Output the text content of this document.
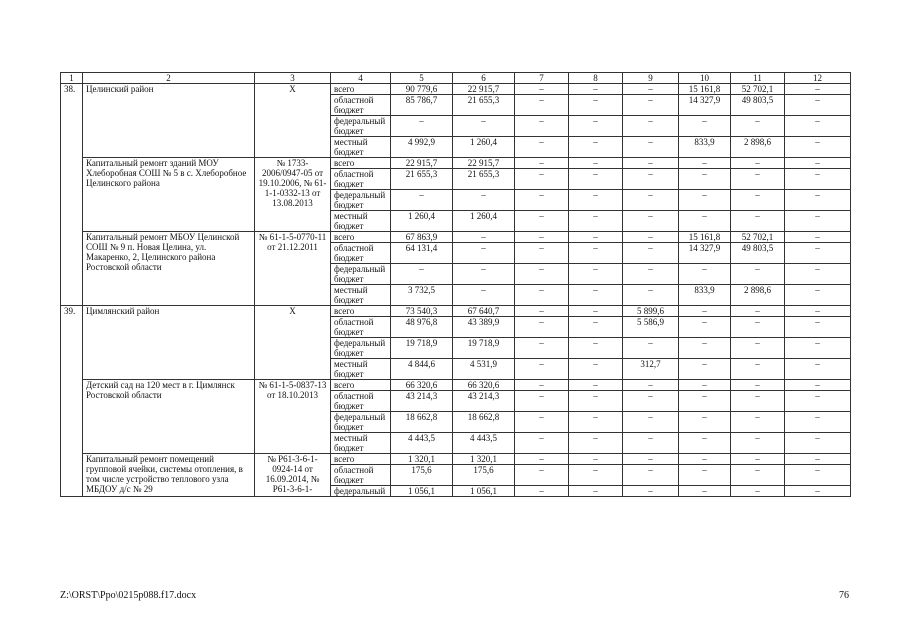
1	2	3	4	5	6	7	8	9	10	11	12
38.	Целинский район	Х	всего	90 779,6	22 915,7	–	–	–	15 161,8	52 702,1	–
			областной бюджет	85 786,7	21 655,3	–	–	–	14 327,9	49 803,5	–
			федеральный бюджет	–	–	–	–	–	–	–	–
			местный бюджет	4 992,9	1 260,4	–	–	–	833,9	2 898,6	–
	Капитальный ремонт зданий МОУ Хлеборобная СОШ № 5 в с. Хлеборобное Целинского района	№ 1733-2006/0947-05 от 19.10.2006, № 61-1-1-0332-13 от 13.08.2013	всего	22 915,7	22 915,7	–	–	–	–	–	–
			областной бюджет	21 655,3	21 655,3	–	–	–	–	–	–
			федеральный бюджет	–	–	–	–	–	–	–	–
			местный бюджет	1 260,4	1 260,4	–	–	–	–	–	–
	Капитальный ремонт МБОУ Целинской СОШ № 9 п. Новая Целина, ул. Макаренко, 2, Целинского района Ростовской области	№ 61-1-5-0770-11 от 21.12.2011	всего	67 863,9	–	–	–	–	15 161,8	52 702,1	–
			областной бюджет	64 131,4	–	–	–	–	14 327,9	49 803,5	–
			федеральный бюджет	–	–	–	–	–	–	–	–
			местный бюджет	3 732,5	–	–	–	–	833,9	2 898,6	–
39.	Цимлянский район	Х	всего	73 540,3	67 640,7	–	–	5 899,6	–	–	–
			областной бюджет	48 976,8	43 389,9	–	–	5 586,9	–	–	–
			федеральный бюджет	19 718,9	19 718,9	–	–	–	–	–	–
			местный бюджет	4 844,6	4 531,9	–	–	312,7	–	–	–
	Детский сад на 120 мест в г. Цимлянск Ростовской области	№ 61-1-5-0837-13 от 18.10.2013	всего	66 320,6	66 320,6	–	–	–	–	–	–
			областной бюджет	43 214,3	43 214,3	–	–	–	–	–	–
			федеральный бюджет	18 662,8	18 662,8	–	–	–	–	–	–
			местный бюджет	4 443,5	4 443,5	–	–	–	–	–	–
	Капитальный ремонт помещений групповой ячейки, системы отопления, в том числе устройство теплового узла МБДОУ д/с № 29	№ Р61-3-6-1-0924-14 от 16.09.2014, № Р61-3-6-1-	всего	1 320,1	1 320,1	–	–	–	–	–	–
			областной бюджет	175,6	175,6	–	–	–	–	–	–
			федеральный	1 056,1	1 056,1	–	–	–	–	–	–
Z:\ORST\Ppo\0215p088.f17.docx	76
